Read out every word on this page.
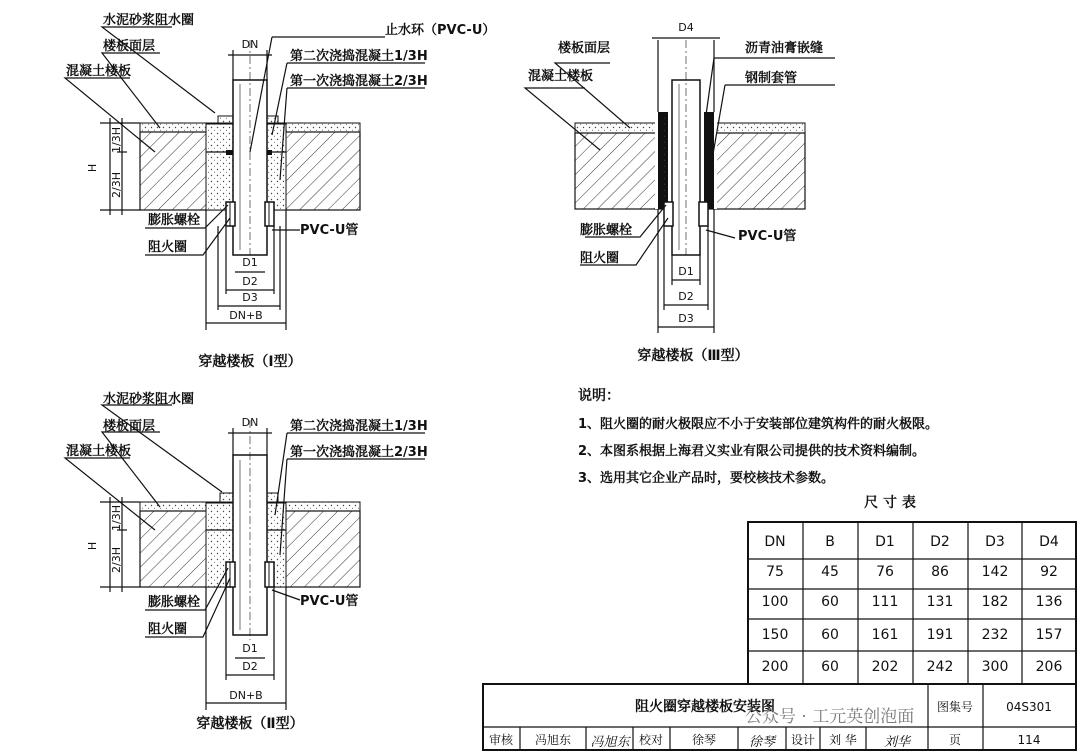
水泥砂浆阻水圈
楼板面层
混凝土楼板
止水环（PVC-U）
第二次浇捣混凝土1/3H
第一次浇捣混凝土2/3H
膨胀螺栓
阻火圈
PVC-U管
DN
H
1/3H
2/3H
D1
D2
D3
DN+B
穿越楼板（Ⅰ型）
水泥砂浆阻水圈
楼板面层
混凝土楼板
第二次浇捣混凝土1/3H
第一次浇捣混凝土2/3H
膨胀螺栓
阻火圈
PVC-U管
DN
H
1/3H
2/3H
D1
D2
DN+B
穿越楼板（Ⅱ型）
楼板面层
混凝土楼板
沥青油膏嵌缝
钢制套管
膨胀螺栓
阻火圈
PVC-U管
D4
D1
D2
D3
穿越楼板（Ⅲ型）
说明：
1、阻火圈的耐火极限应不小于安装部位建筑构件的耐火极限。
2、本图系根据上海君义实业有限公司提供的技术资料编制。
3、选用其它企业产品时，要校核技术参数。
尺 寸 表
DN	B	D1	D2	D3 D4
75	45	76	86 142 92
100 60 111 131 182 136
150 60 161 191 232 157
200 60 202 242 300 206
阻火圈穿越楼板安装图	图集号	04S301
审核 冯旭东 冯旭东 校对 徐琴	徐琴 设计 刘 华 刘华	页	114
公众号 · 工元英创泡面
